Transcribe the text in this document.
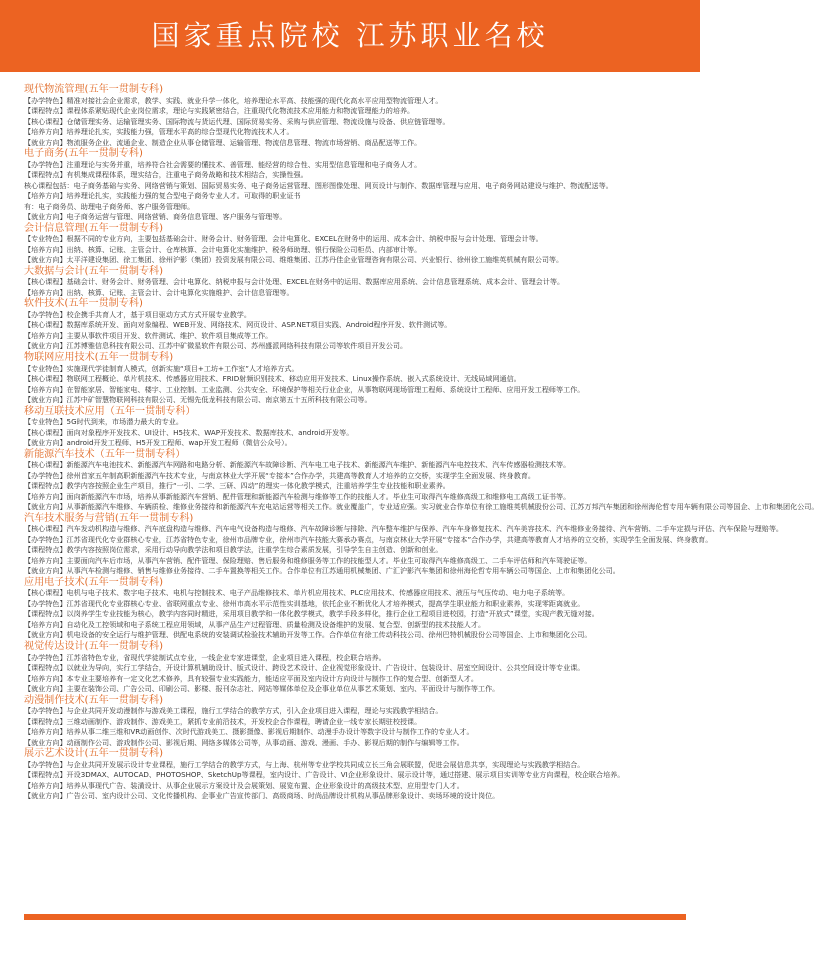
国家重点院校 江苏职业名校
现代物流管理(五年一贯制专科)
【办学特色】精准对接社会企业需求，教学、实践、就业升学一体化，培养理论水平高、技能强的现代化高水平应用型物流管理人才。
【课程特点】课程体系紧贴现代企业岗位需求，理论与实践紧密结合，注重现代化物流技术应用能力和物流管理能力的培养。
【核心课程】仓储管理实务、运输管理实务、国际物流与货运代理、国际贸易实务、采购与供应管理、物流设施与设备、供应链管理等。
【培养方向】培养理论扎实，实践能力强，管理水平高的综合型现代化物流技术人才。
【就业方向】物流服务企业、流通企业、制造企业从事仓储管理、运输管理、物流信息管理、物流市场营销、商品配送等工作。
电子商务(五年一贯制专科)
【办学特色】注重理论与实务并重，培养符合社会需要的懂技术、善管理、能经营的综合性、实用型信息管理和电子商务人才。
【课程特点】有机集成课程体系，理实结合，注重电子商务战略和技术相结合，实操性强。
核心课程包括：电子商务基础与实务、网络营销与策划、国际贸易实务、电子商务运营管理、图形图像处理、网页设计与制作、数据库管理与应用、电子商务网站建设与维护、物流配送等。
【培养方向】培养理论扎实，实践能力强的复合型电子商务专业人才。可取得的职业证书
有：电子商务员、助理电子商务师、客户服务管理师。
【就业方向】电子商务运营与管理、网络营销、商务信息管理、客户服务与管理等。
会计信息管理(五年一贯制专科)
【专业特色】根据不同的专业方向，主要包括基础会计、财务会计、财务管理、会计电算化、EXCEL在财务中的运用、成本会计、纳税申报与会计处理、管理会计等。
【培养方向】出纳、核算、记账、主管会计、仓库核算、会计电算化实施维护、税务师助理、银行保险公司柜员、内部审计等。
【就业方向】太平洋建设集团、徐工集团、徐州沪影（集团）投资发展有限公司、维维集团、江苏丹佳企业管理咨询有限公司、兴业银行、徐州徐工施维英机械有限公司等。
大数据与会计(五年一贯制专科)
【核心课程】基础会计、财务会计、财务管理、会计电算化、纳税申报与会计处理、EXCEL在财务中的运用、数据库应用系统、会计信息管理系统、成本会计、管理会计等。
【培养方向】出纳、核算、记账、主管会计、会计电算化实施维护、会计信息管理等。
软件技术(五年一贯制专科)
【办学特色】校企携手共育人才，基于项目驱动方式方式开展专业教学。
【核心课程】数据库系统开发、面向对象编程、WEB开发、网络技术、网页设计、ASP.NET项目实践、Android程序开发、软件测试等。
【培养方向】主要从事软件项目开发、软件测试、维护、软件项目集成等工作。
【就业方向】江苏博雅信息科技有限公司、江苏中矿微星软件有限公司、苏州盛派网络科技有限公司等软件项目开发公司。
物联网应用技术(五年一贯制专科)
【专业特色】实施现代学徒制育人模式，创新实施“项目+工坊+工作室”人才培养方式。
【核心课程】物联网工程概论、单片机技术、传感器应用技术、FRID射频识别技术、移动应用开发技术、Linux操作系统、嵌入式系统设计、无线局域网通信。
【培养方向】在智能家居、智能家电、楼宇、工业控制、工业监测、公共安全、环境保护等相关行业企业，从事物联网现场管理工程师、系统设计工程师、应用开发工程师等工作。
【就业方向】江苏中矿智慧物联网科技有限公司、无锡先低龙科技有限公司、南京第五十五所科技有限公司等。
移动互联技术应用（五年一贯制专科）
【专业特色】5G时代到来，市场潜力最大的专业。
【核心课程】面向对象程序开发技术、UI设计、H5技术、WAP开发技术、数据库技术、android开发等。
【就业方向】android开发工程师、H5开发工程师、wap开发工程师（微信公众号）。
新能源汽车技术（五年一贯制专科）
【核心课程】新能源汽车电池技术、新能源汽车网路和电路分析、新能源汽车故障诊断、汽车电工电子技术、新能源汽车维护、新能源汽车电控技术、汽车传感器检测技术等。
【办学特色】徐州首家五年制高职新能源汽车技术专业，与南京林业大学开展“专接本”合作办学，共建高等教育人才培养的立交桥，实现学生全面发展、终身教育。
【课程特点】教学内容按照企业生产项目，推行“一引、二学、三研、四动”的理实一体化教学模式，注重培养学生专业技能和职业素养。
【培养方向】面向新能源汽车市场，培养从事新能源汽车营销、配件管理和新能源汽车检测与维修等工作的技能人才。毕业生可取得汽车维修高级工和维修电工高级工证书等。
【就业方向】从事新能源汽车维修、车辆质检、维修业务接待和新能源汽车充电站运营等相关工作。就业覆盖广，专业适应强。实习就业合作单位有徐工施维英机械股份公司、江苏万邦汽车集团和徐州海伦哲专用车辆有限公司等国企、上市和集团化公司。
汽车技术服务与营销(五年一贯制专科)
【核心课程】汽车发动机构造与维修、汽车底盘构造与维修、汽车电气设备构造与维修、汽车故障诊断与排除、汽车整车维护与保养、汽车车身修复技术、汽车美容技术、汽车维修业务接待、汽车营销、二手车定损与评估、汽车保险与理赔等。
【办学特色】江苏省现代化专业群核心专业，江苏省特色专业，徐州市品牌专业，徐州市汽车技能大赛承办赛点，与南京林业大学开展“专接本”合作办学，共建高等教育人才培养的立交桥，实现学生全面发展、终身教育。
【课程特点】教学内容按照岗位需求，采用行动导向教学法和项目教学法，注重学生综合素质发展，引导学生自主创造、创新和创业。
【培养方向】主要面向汽车后市场，从事汽车营销、配件管理、保险理赔、售后服务和维修服务等工作的技能型人才。毕业生可取得汽车维修高级工、二手车评估师和汽车驾驶证等。
【就业方向】从事汽车检测与维修、销售与维修业务接待、二手车置换等相关工作。合作单位有江苏通用机械集团、广汇沪影汽车集团和徐州海伦哲专用车辆公司等国企、上市和集团化公司。
应用电子技术(五年一贯制专科)
【核心课程】电机与电子技术、数字电子技术、电机与控制技术、电子产品维修技术、单片机应用技术、PLC应用技术、传感器应用技术、液压与气压传动、电力电子系统等。
【办学特色】江苏省现代化专业群核心专业、省联网重点专业、徐州市高水平示范性实训基地，依托企业不断优化人才培养模式，提高学生职业能力和职业素养，实现零距离就业。
【课程特点】以岗养学生专业技能为核心，教学内容同时精进，采用项目教学和一体化教学模式，教学手段多样化，推行企业工程项目进校园，打造“开放式”课堂，实现产教无缝对接。
【培养方向】自动化及工控领域和电子系统工程应用领域，从事产品生产过程管理、质量检测及设备维护的发展、复合型、创新型的技术技能人才。
【就业方向】机电设备的安全运行与维护管理、供配电系统的安装调试检验技术辅助开发等工作。合作单位有徐工传动科技公司、徐州巴特机械股份公司等国企、上市和集团化公司。
视觉传达设计(五年一贯制专科)
【办学特色】江苏省特色专业，省现代学徒制试点专业，一线企业专家进课堂，企业项目进入课程，校企联合培养。
【课程特点】以就业为导向，实行工学结合，开设计算机辅助设计、版式设计、跨设艺术设计、企业视觉形象设计、广告设计、包装设计、居室空间设计、公共空间设计等专业课。
【培养方向】本专业主要培养有一定文化艺术修养，具有较强专业实践能力，能适应平面及室内设计方向设计与制作工作的复合型、创新型人才。
【就业方向】主要在装饰公司、广告公司、印刷公司、影楼、报刊杂志社、网站等媒体单位及企事业单位从事艺术策划、室内、平面设计与制作等工作。
动漫制作技术(五年一贯制专科)
【办学特色】与企业共同开发动漫制作与游戏美工课程，施行工学结合的教学方式，引入企业项目进入课程，理论与实践教学相结合。
【课程特点】三维动画制作、游戏制作、游戏美工，紧抓专业前沿技术，开发校企合作课程，聘请企业一线专家长期驻校授课。
【培养方向】培养从事二维三维和VR动画创作、次时代游戏美工、摄影摄像、影视后期制作、动漫手办设计等数字设计与制作工作的专业人才。
【就业方向】动画制作公司、游戏制作公司、影视后期、网络多媒体公司等，从事动画、游戏、漫画、手办、影视后期的制作与编辑等工作。
展示艺术设计(五年一贯制专科)
【办学特色】与企业共同开发展示设计专业课程，施行工学结合的教学方式，与上海、杭州等专业学校共同成立长三角会展联盟，促进会展信息共享，实现理论与实践教学相结合。
【课程特点】开设3DMAX、AUTOCAD、PHOTOSHOP、SketchUp等课程，室内设计、广告设计、VI企业形象设计、展示设计等，通过搭建、展示项目实训等专业方向课程，校企联合培养。
【培养方向】培养从事现代广告、装潢设计、从事企业展示方案设计及会展策划、展览布置、企业形象设计的高级技术型、应用型专门人才。
【就业方向】广告公司、室内设计公司、文化传播机构、企事业广告宣传部门、高级商场、时尚品牌设计机构从事品牌形象设计、卖场环境的设计岗位。
